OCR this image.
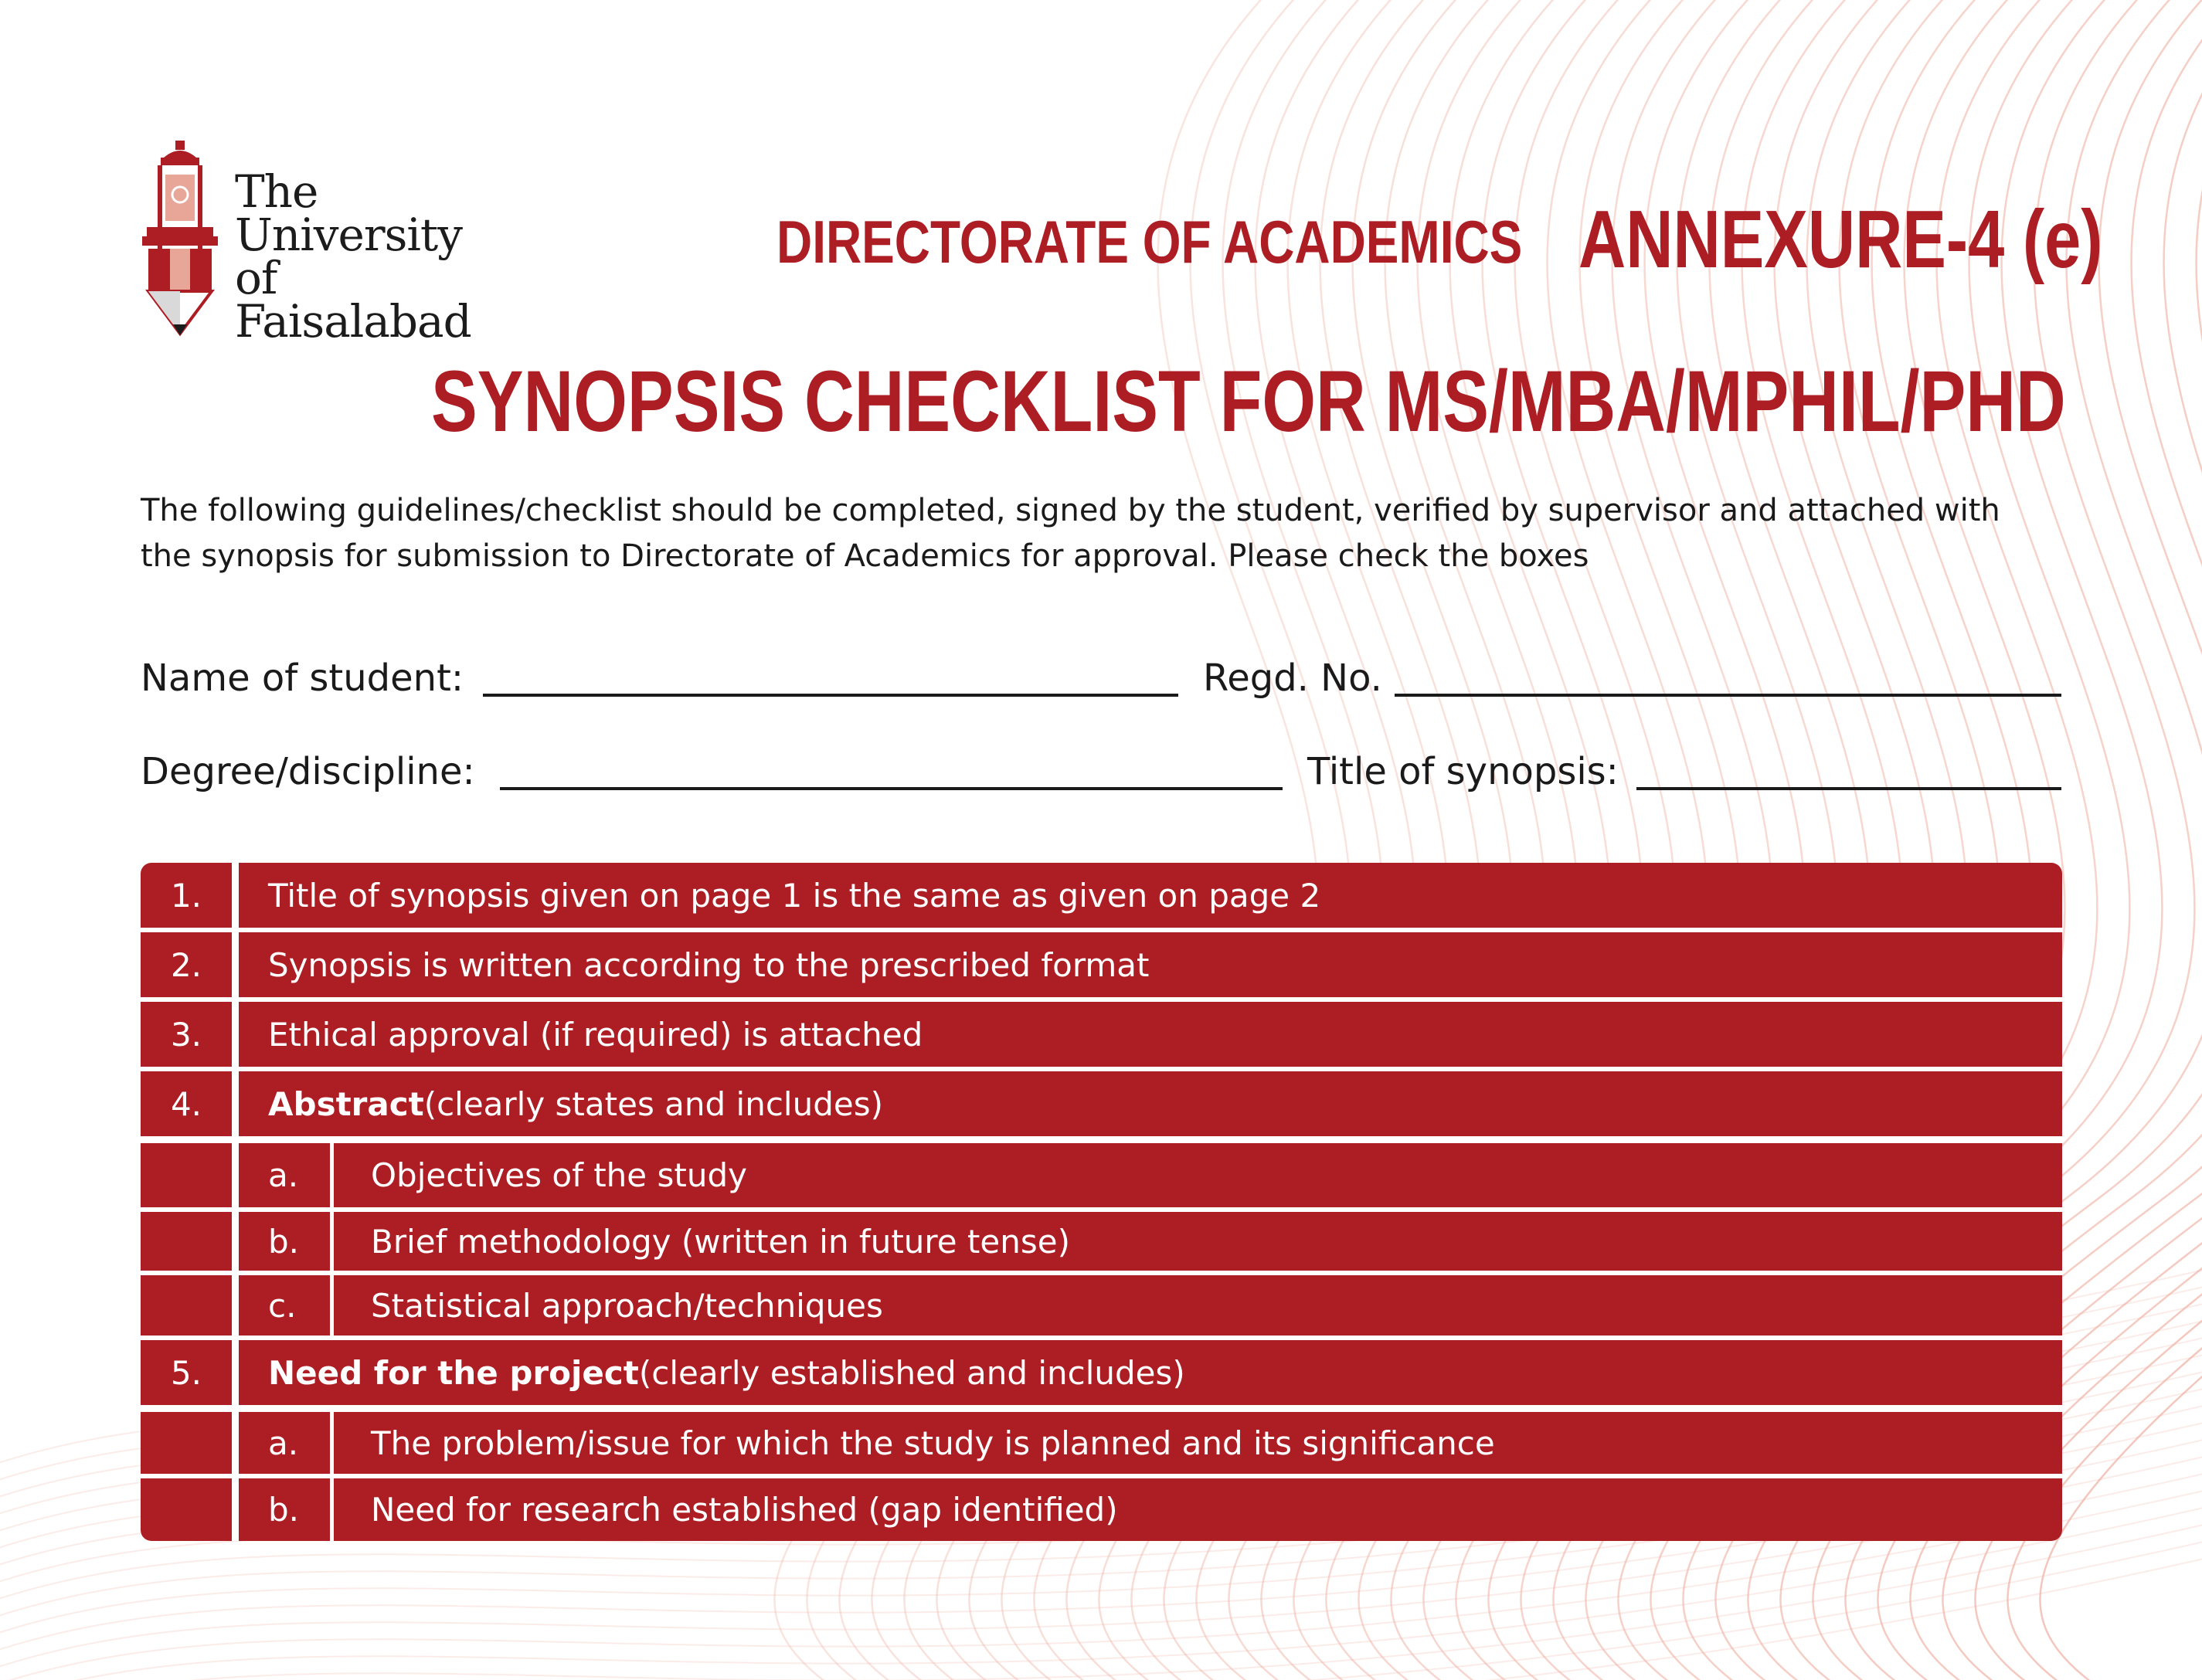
The
University of
Faisalabad
DIRECTORATE OF ACADEMICS ANNEXURE-4 (e)
SYNOPSIS CHECKLIST FOR MS/MBA/MPHIL/PHD
The following guidelines/checklist should be completed, signed by the student, verified by supervisor and attached with
the synopsis for submission to Directorate of Academics for approval. Please check the boxes
Name of student:	Regd. No.
Degree/discipline:	Title of synopsis:
1.	Title of synopsis given on page 1 is the same as given on page 2
2.	Synopsis is written according to the prescribed format
3.	Ethical approval (if required) is attached
4.	Abstract (clearly states and includes)
a.	Objectives of the study
b.	Brief methodology (written in future tense)
c.	Statistical approach/techniques
5.	Need for the project (clearly established and includes)
a.	The problem/issue for which the study is planned and its significance
b.	Need for research established (gap identified)
